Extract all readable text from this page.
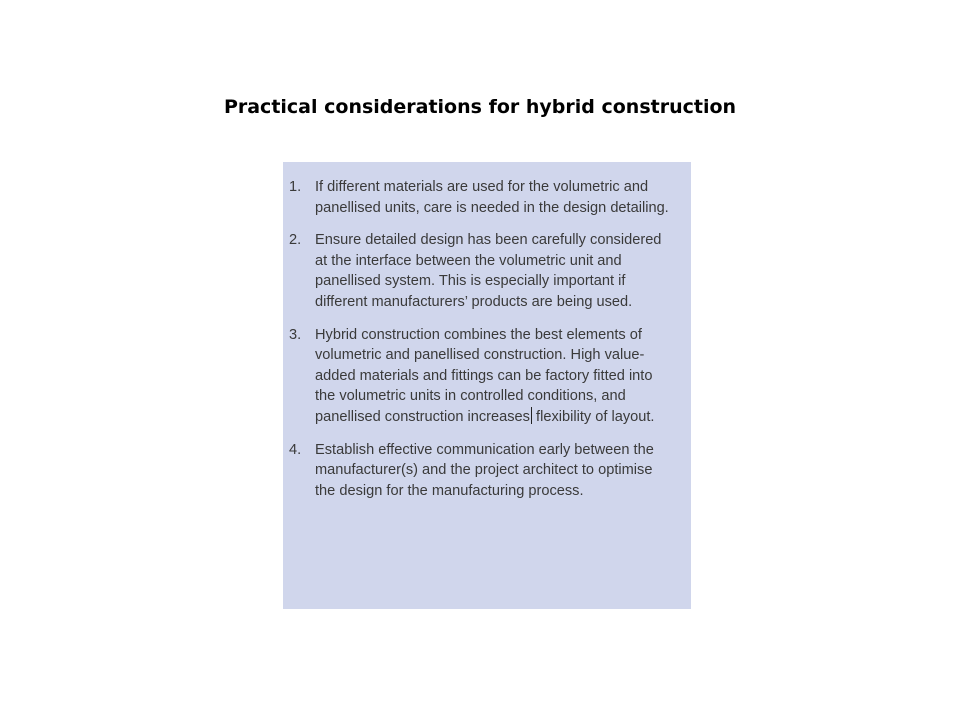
Practical considerations for hybrid construction
1. If different materials are used for the volumetric and panellised units, care is needed in the design detailing.
2. Ensure detailed design has been carefully considered at the interface between the volumetric unit and panellised system. This is especially important if different manufacturers’ products are being used.
3. Hybrid construction combines the best elements of volumetric and panellised construction. High value-added materials and fittings can be factory fitted into the volumetric units in controlled conditions, and panellised construction increases flexibility of layout.
4. Establish effective communication early between the manufacturer(s) and the project architect to optimise the design for the manufacturing process.
